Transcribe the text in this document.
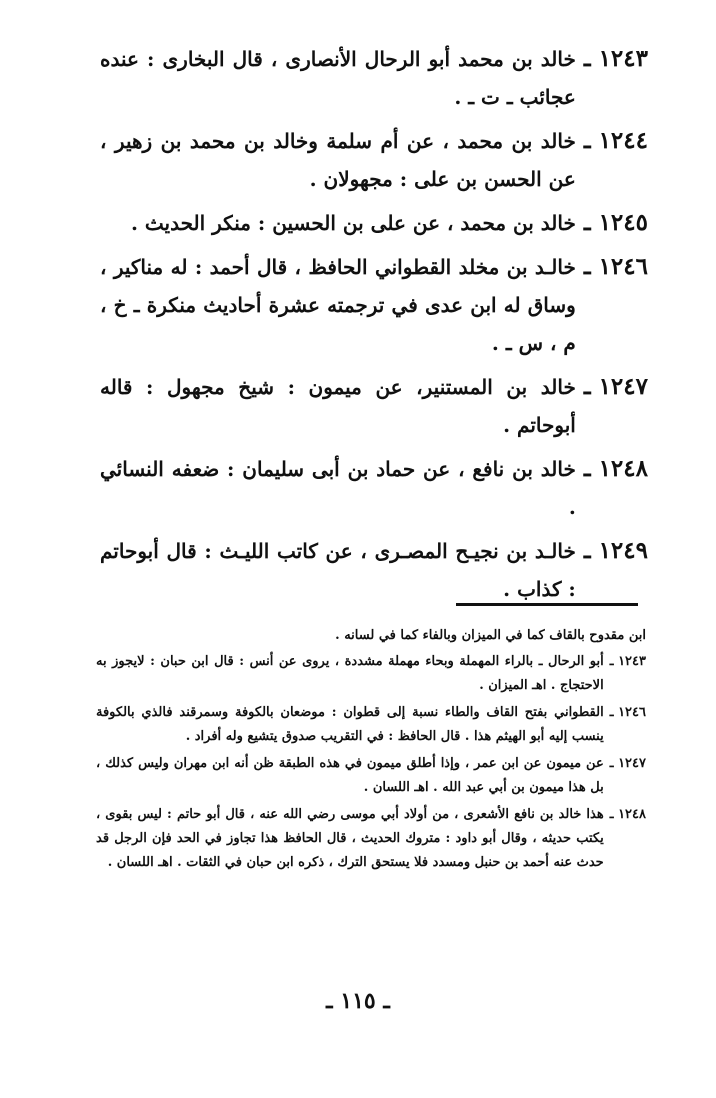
١٢٤٣ ـ
خالد بن محمد أبو الرحال الأنصارى ، قال البخارى : عنده عجائب ـ ت ـ .
١٢٤٤ ـ
خالد بن محمد ، عن أم سلمة وخالد بن محمد بن زهير ، عن الحسن بن على : مجهولان .
١٢٤٥ ـ
خالد بن محمد ، عن على بن الحسين : منكر الحديث .
١٢٤٦ ـ
خالـد بن مخلد القطواني الحافظ ، قال أحمد : له مناكير ، وساق له ابن عدى في ترجمته عشرة أحاديث منكرة ـ خ ، م ، س ـ .
١٢٤٧ ـ
خالد بن المستنير، عن ميمون : شيخ مجهول : قاله أبوحاتم .
١٢٤٨ ـ
خالد بن نافع ، عن حماد بن أبى سليمان : ضعفه النسائي .
١٢٤٩ ـ
خالـد بن نجيـح المصـرى ، عن كاتب الليـث : قال أبوحاتم : كذاب .

ابن مقدوح بالقاف كما في الميزان وبالفاء كما في لسانه .

١٢٤٣ ـ
أبو الرحال ـ بالراء المهملة وبحاء مهملة مشددة ، يروى عن أنس : قال ابن حبان : لايجوز به الاحتجاج . اهـ الميزان .
١٢٤٦ ـ
القطواني بفتح القاف والطاء نسبة إلى قطوان : موضعان بالكوفة وسمرقند فالذي بالكوفة ينسب إليه أبو الهيثم هذا . قال الحافظ : في التقريب صدوق يتشيع وله أفراد .
١٢٤٧ ـ
عن ميمون عن ابن عمر ، وإذا أطلق ميمون في هذه الطبقة ظن أنه ابن مهران وليس كذلك ، بل هذا ميمون بن أبي عبد الله . اهـ اللسان .
١٢٤٨ ـ
هذا خالد بن نافع الأشعرى ، من أولاد أبي موسى رضي الله عنه ، قال أبو حاتم : ليس بقوى ، يكتب حديثه ، وقال أبو داود : متروك الحديث ، قال الحافظ هذا تجاوز في الحد فإن الرجل قد حدث عنه أحمد بن حنبل ومسدد فلا يستحق الترك ، ذكره ابن حبان في الثقات . اهـ اللسان .
ـ ١١٥ ـ
